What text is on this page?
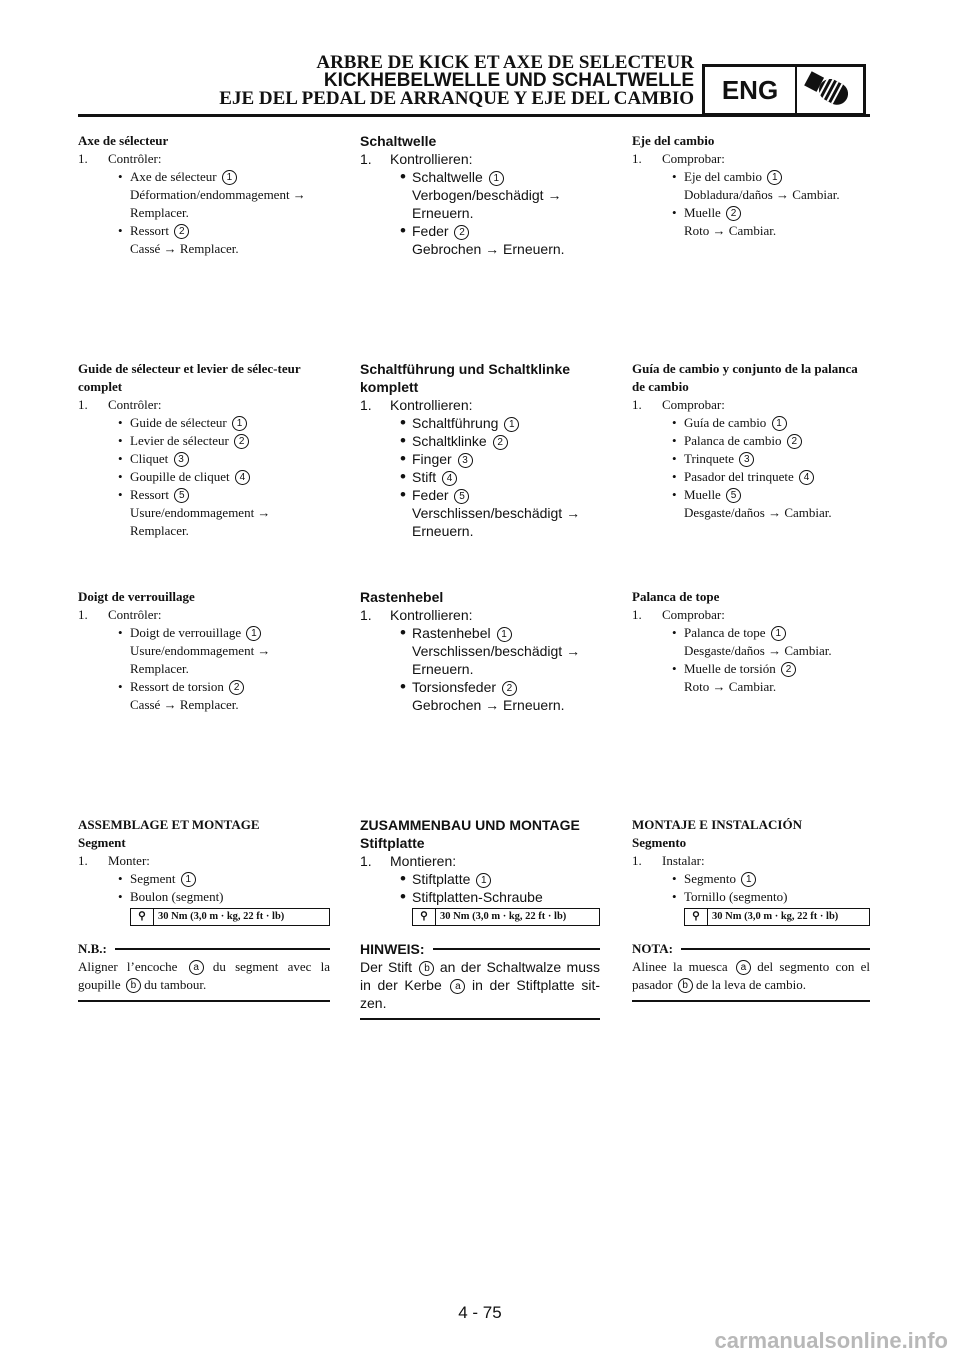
ARBRE DE KICK ET AXE DE SELECTEUR
KICKHEBELWELLE UND SCHALTWELLE
EJE DEL PEDAL DE ARRANQUE Y EJE DEL CAMBIO	ENG
Axe de sélecteur
1. Contrôler:
• Axe de sélecteur 1
Déformation/endommagement → Remplacer.
• Ressort 2
Cassé → Remplacer.
Guide de sélecteur et levier de sélec-teur complet
1. Contrôler:
• Guide de sélecteur 1
• Levier de sélecteur 2
• Cliquet 3
• Goupille de cliquet 4
• Ressort 5
Usure/endommagement → Remplacer.
Doigt de verrouillage
1. Contrôler:
• Doigt de verrouillage 1
Usure/endommagement → Remplacer.
• Ressort de torsion 2
Cassé → Remplacer.
ASSEMBLAGE ET MONTAGE
Segment
1. Monter:
• Segment 1
• Boulon (segment)
⚲	30 Nm (3,0 m · kg, 22 ft · lb)
N.B.:
Aligner l’encoche a du segment avec la goupille b du tambour.
Schaltwelle
1. Kontrollieren:
• Schaltwelle 1
Verbogen/beschädigt → Erneuern.
• Feder 2
Gebrochen → Erneuern.
Schaltführung und Schaltklinke komplett
1. Kontrollieren:
• Schaltführung 1
• Schaltklinke 2
• Finger 3
• Stift 4
• Feder 5
Verschlissen/beschädigt → Erneuern.
Rastenhebel
1. Kontrollieren:
• Rastenhebel 1
Verschlissen/beschädigt → Erneuern.
• Torsionsfeder 2
Gebrochen → Erneuern.
ZUSAMMENBAU UND MONTAGE
Stiftplatte
1. Montieren:
• Stiftplatte 1
• Stiftplatten-Schraube
⚲	30 Nm (3,0 m · kg, 22 ft · lb)
HINWEIS:
Der Stift b an der Schaltwalze muss in der Kerbe a in der Stiftplatte sit-zen.
Eje del cambio
1. Comprobar:
• Eje del cambio 1
Dobladura/daños → Cambiar.
• Muelle 2
Roto → Cambiar.
Guía de cambio y conjunto de la palanca de cambio
1. Comprobar:
• Guía de cambio 1
• Palanca de cambio 2
• Trinquete 3
• Pasador del trinquete 4
• Muelle 5
Desgaste/daños → Cambiar.
Palanca de tope
1. Comprobar:
• Palanca de tope 1
Desgaste/daños → Cambiar.
• Muelle de torsión 2
Roto → Cambiar.
MONTAJE E INSTALACIÓN
Segmento
1. Instalar:
• Segmento 1
• Tornillo (segmento)
⚲	30 Nm (3,0 m · kg, 22 ft · lb)
NOTA:
Alinee la muesca a del segmento con el pasador b de la leva de cambio.
4 - 75
carmanualsonline.info
